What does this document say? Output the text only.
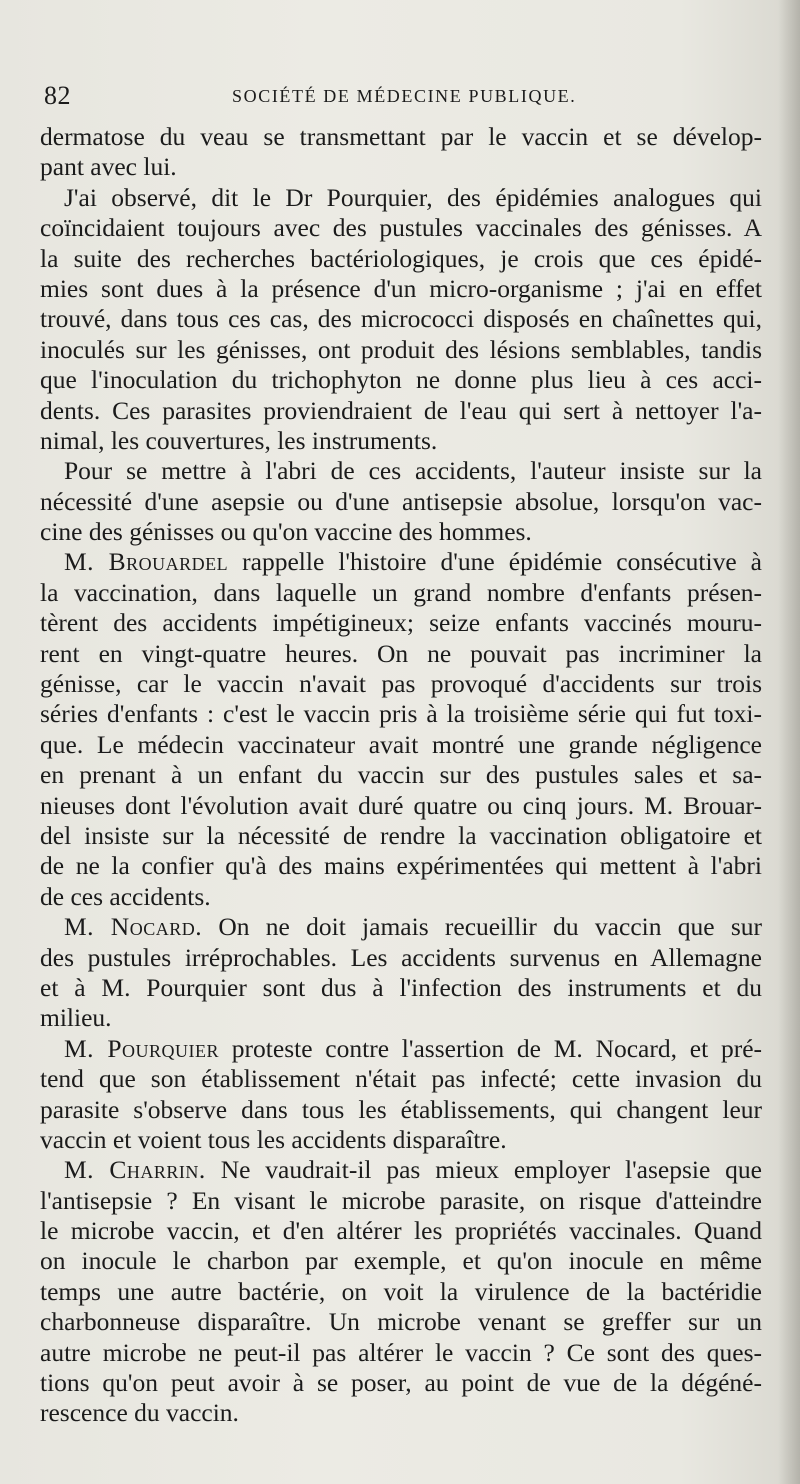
82	SOCIÉTÉ DE MÉDECINE PUBLIQUE.
dermatose du veau se transmettant par le vaccin et se dévelop-
pant avec lui.
J'ai observé, dit le Dr Pourquier, des épidémies analogues qui
coïncidaient toujours avec des pustules vaccinales des génisses. A
la suite des recherches bactériologiques, je crois que ces épidé-
mies sont dues à la présence d'un micro-organisme ; j'ai en effet
trouvé, dans tous ces cas, des micrococci disposés en chaînettes qui,
inoculés sur les génisses, ont produit des lésions semblables, tandis
que l'inoculation du trichophyton ne donne plus lieu à ces acci-
dents. Ces parasites proviendraient de l'eau qui sert à nettoyer l'a-
nimal, les couvertures, les instruments.
Pour se mettre à l'abri de ces accidents, l'auteur insiste sur la
nécessité d'une asepsie ou d'une antisepsie absolue, lorsqu'on vac-
cine des génisses ou qu'on vaccine des hommes.
M. Brouardel rappelle l'histoire d'une épidémie consécutive à
la vaccination, dans laquelle un grand nombre d'enfants présen-
tèrent des accidents impétigineux; seize enfants vaccinés mouru-
rent en vingt-quatre heures. On ne pouvait pas incriminer la
génisse, car le vaccin n'avait pas provoqué d'accidents sur trois
séries d'enfants : c'est le vaccin pris à la troisième série qui fut toxi-
que. Le médecin vaccinateur avait montré une grande négligence
en prenant à un enfant du vaccin sur des pustules sales et sa-
nieuses dont l'évolution avait duré quatre ou cinq jours. M. Brouar-
del insiste sur la nécessité de rendre la vaccination obligatoire et
de ne la confier qu'à des mains expérimentées qui mettent à l'abri
de ces accidents.
M. Nocard. On ne doit jamais recueillir du vaccin que sur
des pustules irréprochables. Les accidents survenus en Allemagne
et à M. Pourquier sont dus à l'infection des instruments et du
milieu.
M. Pourquier proteste contre l'assertion de M. Nocard, et pré-
tend que son établissement n'était pas infecté; cette invasion du
parasite s'observe dans tous les établissements, qui changent leur
vaccin et voient tous les accidents disparaître.
M. Charrin. Ne vaudrait-il pas mieux employer l'asepsie que
l'antisepsie ? En visant le microbe parasite, on risque d'atteindre
le microbe vaccin, et d'en altérer les propriétés vaccinales. Quand
on inocule le charbon par exemple, et qu'on inocule en même
temps une autre bactérie, on voit la virulence de la bactéridie
charbonneuse disparaître. Un microbe venant se greffer sur un
autre microbe ne peut-il pas altérer le vaccin ? Ce sont des ques-
tions qu'on peut avoir à se poser, au point de vue de la dégéné-
rescence du vaccin.
